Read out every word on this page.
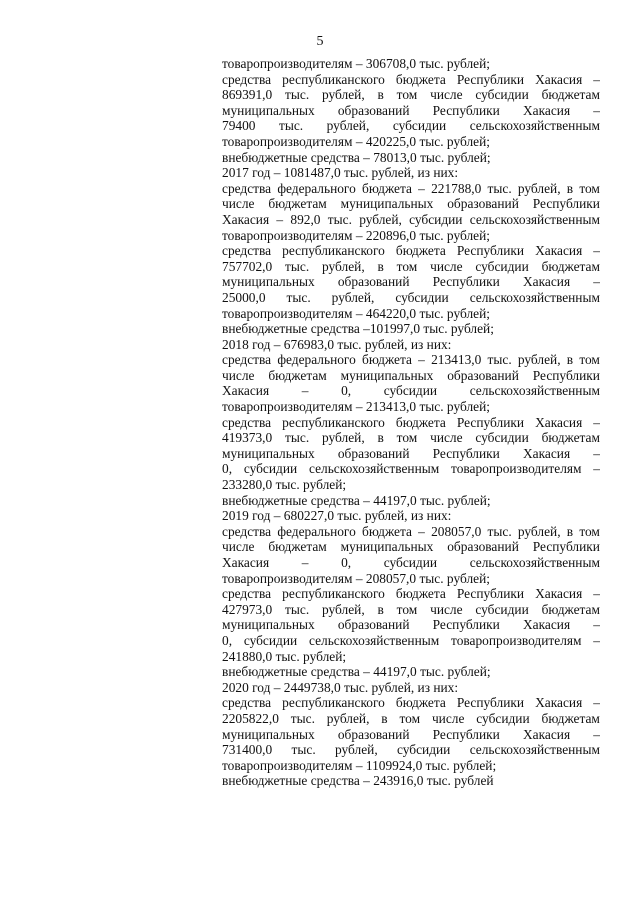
5
товаропроизводителям – 306708,0 тыс. рублей;
средства республиканского бюджета Республики Хакасия –
869391,0 тыс. рублей, в том числе субсидии бюджетам
муниципальных образований Республики Хакасия –
79400 тыс. рублей, субсидии сельскохозяйственным
товаропроизводителям – 420225,0 тыс. рублей;
внебюджетные средства – 78013,0 тыс. рублей;
2017 год – 1081487,0 тыс. рублей, из них:
средства федерального бюджета – 221788,0 тыс. рублей, в том
числе бюджетам муниципальных образований Республики
Хакасия – 892,0 тыс. рублей, субсидии сельскохозяйственным
товаропроизводителям – 220896,0 тыс. рублей;
средства республиканского бюджета Республики Хакасия –
757702,0 тыс. рублей, в том числе субсидии бюджетам
муниципальных образований Республики Хакасия –
25000,0 тыс. рублей, субсидии сельскохозяйственным
товаропроизводителям – 464220,0 тыс. рублей;
внебюджетные средства –101997,0 тыс. рублей;
2018 год – 676983,0 тыс. рублей, из них:
средства федерального бюджета – 213413,0 тыс. рублей, в том
числе бюджетам муниципальных образований Республики
Хакасия – 0, субсидии сельскохозяйственным
товаропроизводителям – 213413,0 тыс. рублей;
средства республиканского бюджета Республики Хакасия –
419373,0 тыс. рублей, в том числе субсидии бюджетам
муниципальных образований Республики Хакасия –
0, субсидии сельскохозяйственным товаропроизводителям –
233280,0 тыс. рублей;
внебюджетные средства – 44197,0 тыс. рублей;
2019 год – 680227,0 тыс. рублей, из них:
средства федерального бюджета – 208057,0 тыс. рублей, в том
числе бюджетам муниципальных образований Республики
Хакасия – 0, субсидии сельскохозяйственным
товаропроизводителям – 208057,0 тыс. рублей;
средства республиканского бюджета Республики Хакасия –
427973,0 тыс. рублей, в том числе субсидии бюджетам
муниципальных образований Республики Хакасия –
0, субсидии сельскохозяйственным товаропроизводителям –
241880,0 тыс. рублей;
внебюджетные средства – 44197,0 тыс. рублей;
2020 год – 2449738,0 тыс. рублей, из них:
средства республиканского бюджета Республики Хакасия –
2205822,0 тыс. рублей, в том числе субсидии бюджетам
муниципальных образований Республики Хакасия –
731400,0 тыс. рублей, субсидии сельскохозяйственным
товаропроизводителям – 1109924,0 тыс. рублей;
внебюджетные средства – 243916,0 тыс. рублей
